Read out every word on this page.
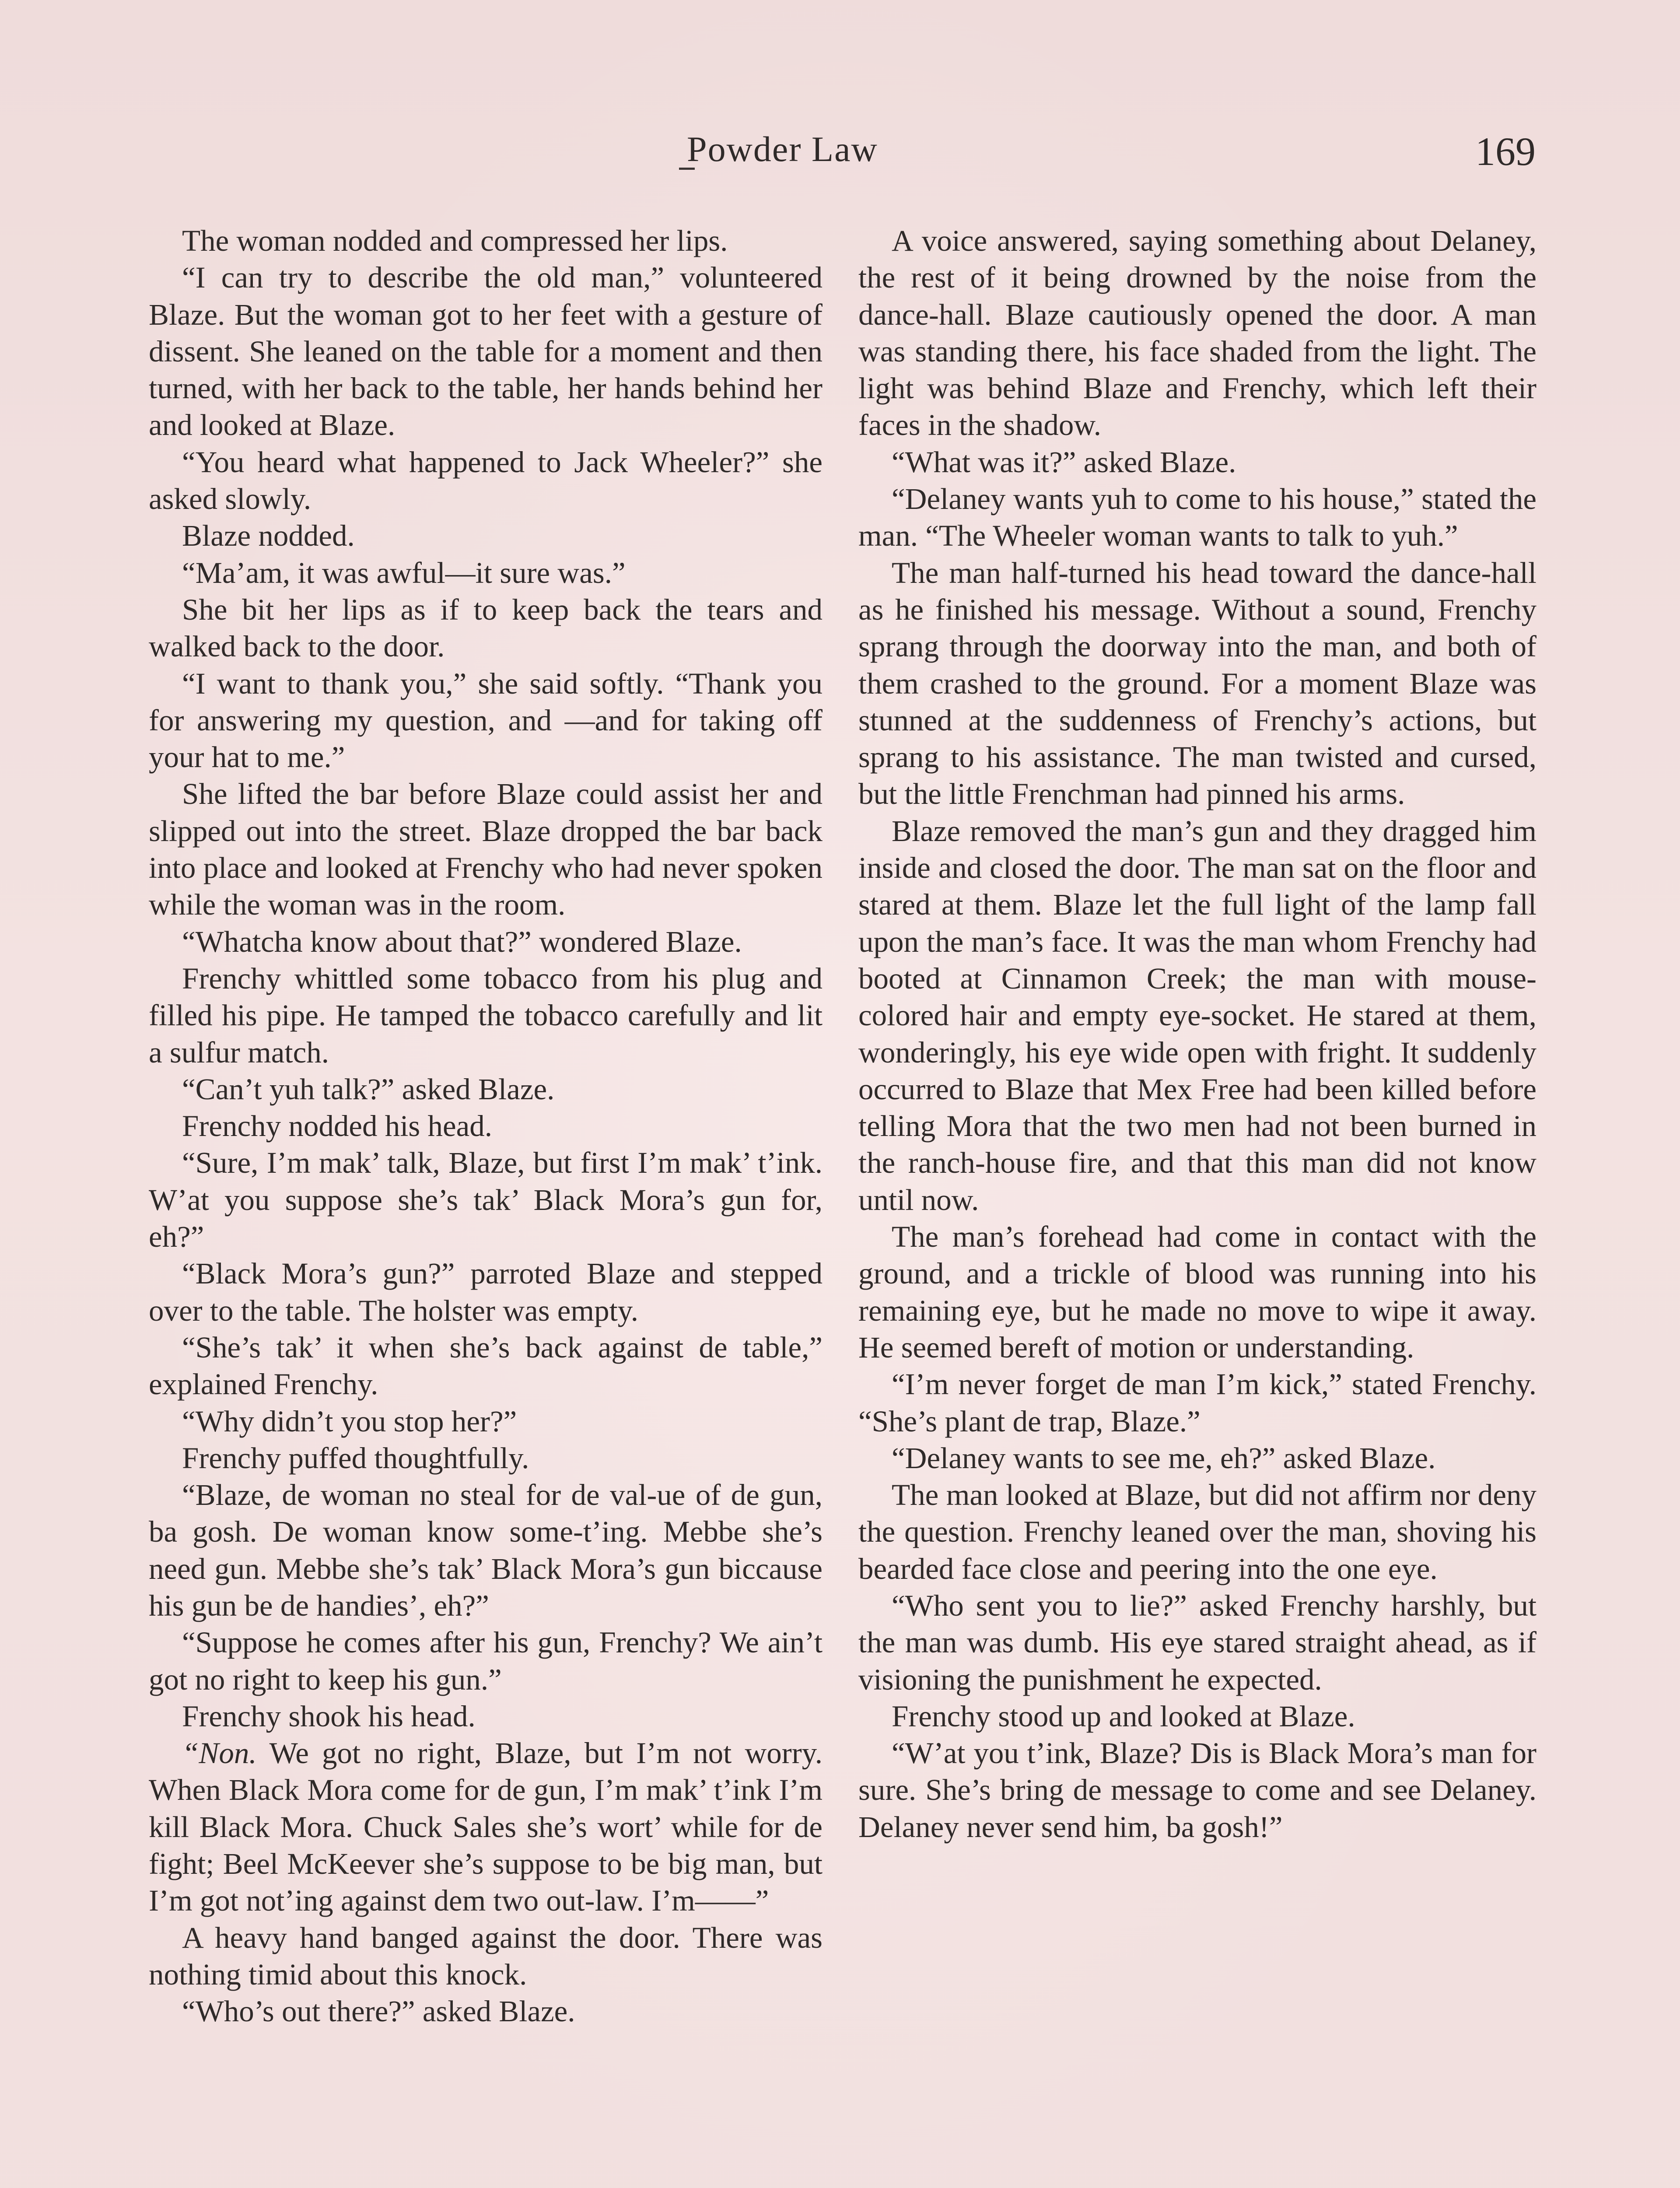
Powder Law	169

The woman nodded and compressed her lips.

“I can try to describe the old man,” volunteered Blaze. But the woman got to her feet with a gesture of dissent. She leaned on the table for a moment and then turned, with her back to the table, her hands behind her and looked at Blaze.

“You heard what happened to Jack Wheeler?” she asked slowly.

Blaze nodded.

“Ma’am, it was awful—it sure was.”

She bit her lips as if to keep back the tears and walked back to the door.

“I want to thank you,” she said softly. “Thank you for answering my question, and —and for taking off your hat to me.”

She lifted the bar before Blaze could assist her and slipped out into the street. Blaze dropped the bar back into place and looked at Frenchy who had never spoken while the woman was in the room.

“Whatcha know about that?” wondered Blaze.

Frenchy whittled some tobacco from his plug and filled his pipe. He tamped the tobacco carefully and lit a sulfur match.

“Can’t yuh talk?” asked Blaze.

Frenchy nodded his head.

“Sure, I’m mak’ talk, Blaze, but first I’m mak’ t’ink. W’at you suppose she’s tak’ Black Mora’s gun for, eh?”

“Black Mora’s gun?” parroted Blaze and stepped over to the table. The holster was empty.

“She’s tak’ it when she’s back against de table,” explained Frenchy.

“Why didn’t you stop her?”

Frenchy puffed thoughtfully.

“Blaze, de woman no steal for de val-ue of de gun, ba gosh. De woman know some-t’ing. Mebbe she’s need gun. Mebbe she’s tak’ Black Mora’s gun biccause his gun be de handies’, eh?”

“Suppose he comes after his gun, Frenchy? We ain’t got no right to keep his gun.”

Frenchy shook his head.

“Non. We got no right, Blaze, but I’m not worry. When Black Mora come for de gun, I’m mak’ t’ink I’m kill Black Mora. Chuck Sales she’s wort’ while for de fight; Beel McKeever she’s suppose to be big man, but I’m got not’ing against dem two out-law. I’m——”

A heavy hand banged against the door. There was nothing timid about this knock.

“Who’s out there?” asked Blaze.

A voice answered, saying something about Delaney, the rest of it being drowned by the noise from the dance-hall. Blaze cautiously opened the door. A man was standing there, his face shaded from the light. The light was behind Blaze and Frenchy, which left their faces in the shadow.

“What was it?” asked Blaze.

“Delaney wants yuh to come to his house,” stated the man. “The Wheeler woman wants to talk to yuh.”

The man half-turned his head toward the dance-hall as he finished his message. Without a sound, Frenchy sprang through the doorway into the man, and both of them crashed to the ground. For a moment Blaze was stunned at the suddenness of Frenchy’s actions, but sprang to his assistance. The man twisted and cursed, but the little Frenchman had pinned his arms.

Blaze removed the man’s gun and they dragged him inside and closed the door. The man sat on the floor and stared at them. Blaze let the full light of the lamp fall upon the man’s face. It was the man whom Frenchy had booted at Cinnamon Creek; the man with mouse-colored hair and empty eye-socket. He stared at them, wonderingly, his eye wide open with fright. It suddenly occurred to Blaze that Mex Free had been killed before telling Mora that the two men had not been burned in the ranch-house fire, and that this man did not know until now.

The man’s forehead had come in contact with the ground, and a trickle of blood was running into his remaining eye, but he made no move to wipe it away. He seemed bereft of motion or understanding.

“I’m never forget de man I’m kick,” stated Frenchy. “She’s plant de trap, Blaze.”

“Delaney wants to see me, eh?” asked Blaze.

The man looked at Blaze, but did not affirm nor deny the question. Frenchy leaned over the man, shoving his bearded face close and peering into the one eye.

“Who sent you to lie?” asked Frenchy harshly, but the man was dumb. His eye stared straight ahead, as if visioning the punishment he expected.

Frenchy stood up and looked at Blaze.

“W’at you t’ink, Blaze? Dis is Black Mora’s man for sure. She’s bring de message to come and see Delaney. Delaney never send him, ba gosh!”
